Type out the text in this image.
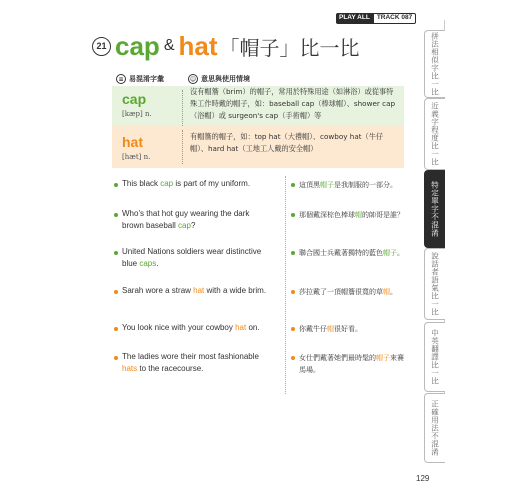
PLAY ALL	TRACK 087
21 cap & hat 「帽子」比一比
≡ 易混淆字彙	☺ 意思與使用情境
cap
[kæp] n.
沒有帽簷（brim）的帽子，常用於特殊用途（如淋浴）或從事特殊工作時戴的帽子，如：baseball cap（棒球帽）、shower cap（浴帽）或 surgeon's cap（手術帽）等
hat
[hæt] n.
有帽簷的帽子，如：top hat（大禮帽）、cowboy hat（牛仔帽）、hard hat（工地工人戴的安全帽）
This black cap is part of my uniform.	這頂黑帽子是我制服的一部分。
Who's that hot guy wearing the dark brown baseball cap?
那個戴深棕色棒球帽的帥哥是誰？
United Nations soldiers wear distinctive blue caps.
聯合國士兵戴著獨特的藍色帽子。
Sarah wore a straw hat with a wide brim.	莎拉戴了一頂帽簷很寬的草帽。
You look nice with your cowboy hat on.	你戴牛仔帽很好看。
The ladies wore their most fashionable hats to the racecourse.
女仕們戴著她們最時髦的帽子來賽馬場。
拼法相似字比一比
近義字程度比一比
特定單字不混淆
說話者語氣比一比
中英翻譯比一比
正確用法不混淆
129
